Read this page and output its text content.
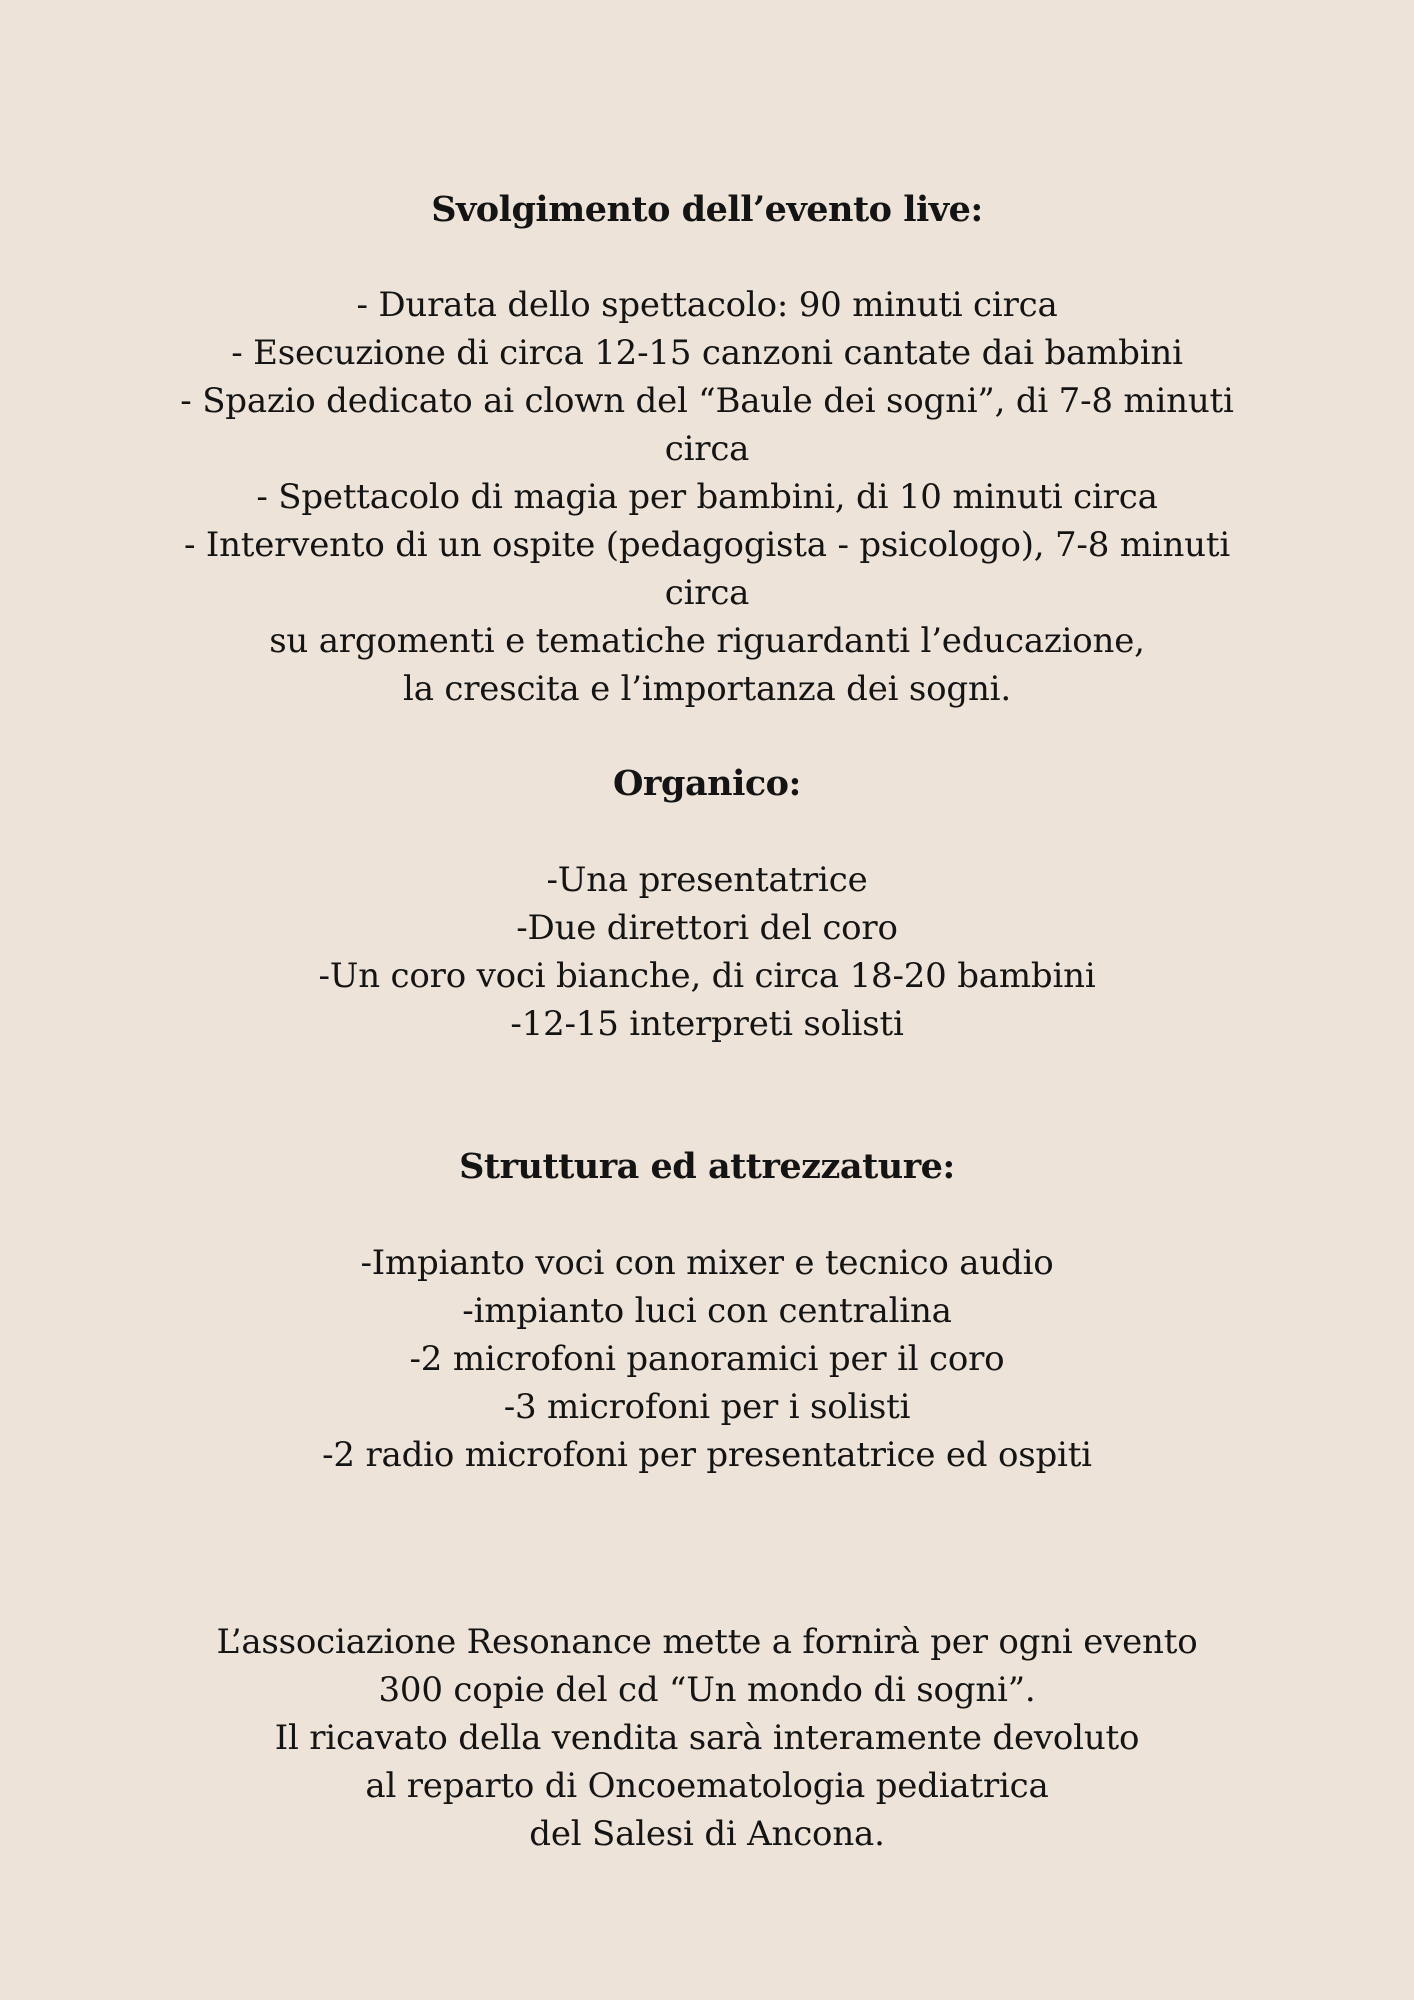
Svolgimento dell’evento live:

- Durata dello spettacolo: 90 minuti circa
- Esecuzione di circa 12-15 canzoni cantate dai bambini
- Spazio dedicato ai clown del “Baule dei sogni”, di 7-8 minuti
circa
- Spettacolo di magia per bambini, di 10 minuti circa
- Intervento di un ospite (pedagogista - psicologo), 7-8 minuti
circa
su argomenti e tematiche riguardanti l’educazione,
la crescita e l’importanza dei sogni.

Organico:

-Una presentatrice
-Due direttori del coro
-Un coro voci bianche, di circa 18-20 bambini
-12-15 interpreti solisti

Struttura ed attrezzature:

-Impianto voci con mixer e tecnico audio
-impianto luci con centralina
-2 microfoni panoramici per il coro
-3 microfoni per i solisti
-2 radio microfoni per presentatrice ed ospiti

L’associazione Resonance mette a fornirà per ogni evento
300 copie del cd “Un mondo di sogni”.
Il ricavato della vendita sarà interamente devoluto
al reparto di Oncoematologia pediatrica
del Salesi di Ancona.
